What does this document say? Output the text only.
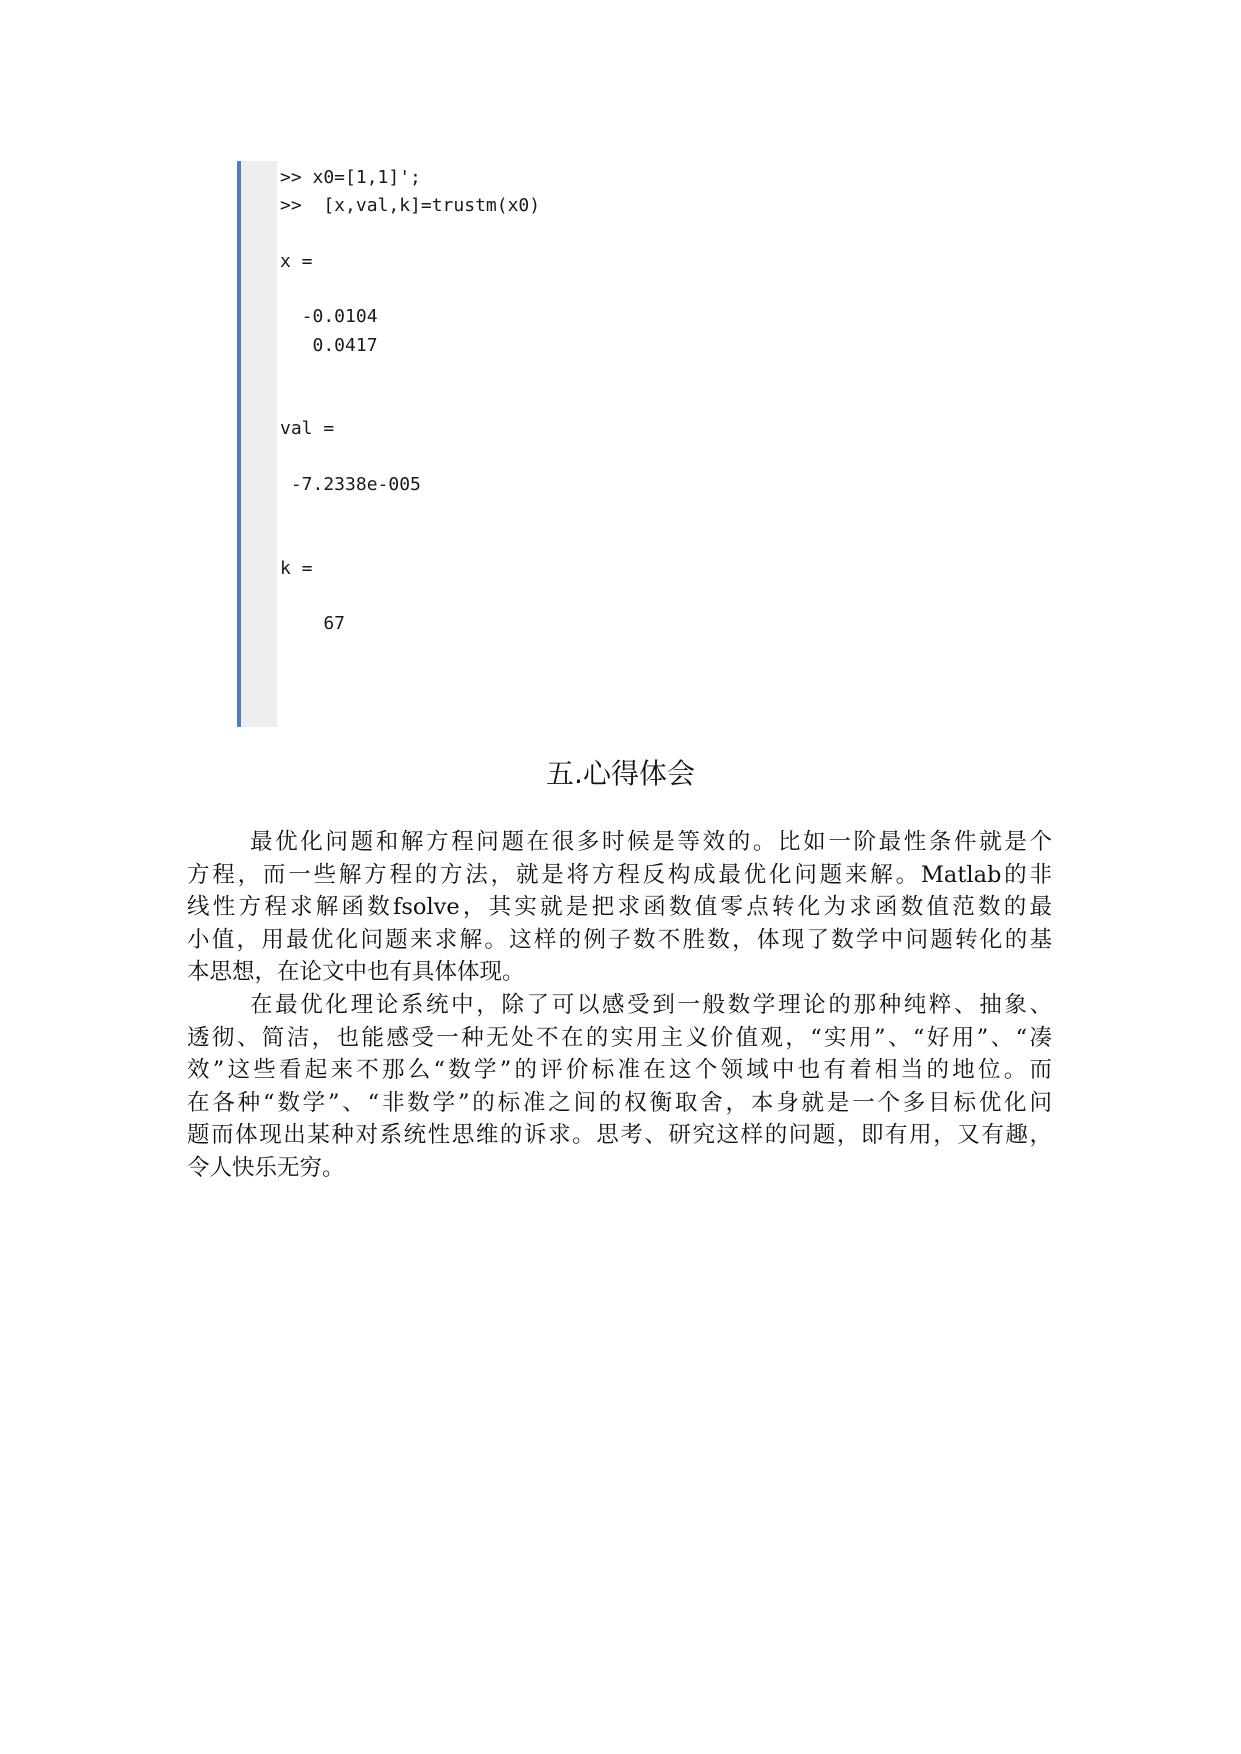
>> x0=[1,1]';
>>  [x,val,k]=trustm(x0)
x =
-0.0104
0.0417
val =
-7.2338e-005
k =
67
五.心得体会
最优化问题和解方程问题在很多时候是等效的。比如一阶最性条件就是个
方程，而一些解方程的方法，就是将方程反构成最优化问题来解。Matlab的非
线性方程求解函数fsolve，其实就是把求函数值零点转化为求函数值范数的最
小值，用最优化问题来求解。这样的例子数不胜数，体现了数学中问题转化的基
本思想，在论文中也有具体体现。
在最优化理论系统中，除了可以感受到一般数学理论的那种纯粹、抽象、
透彻、简洁，也能感受一种无处不在的实用主义价值观，“实用”、“好用”、“凑
效”这些看起来不那么“数学”的评价标准在这个领域中也有着相当的地位。而
在各种“数学”、“非数学”的标准之间的权衡取舍，本身就是一个多目标优化问
题而体现出某种对系统性思维的诉求。思考、研究这样的问题，即有用，又有趣，
令人快乐无穷。
